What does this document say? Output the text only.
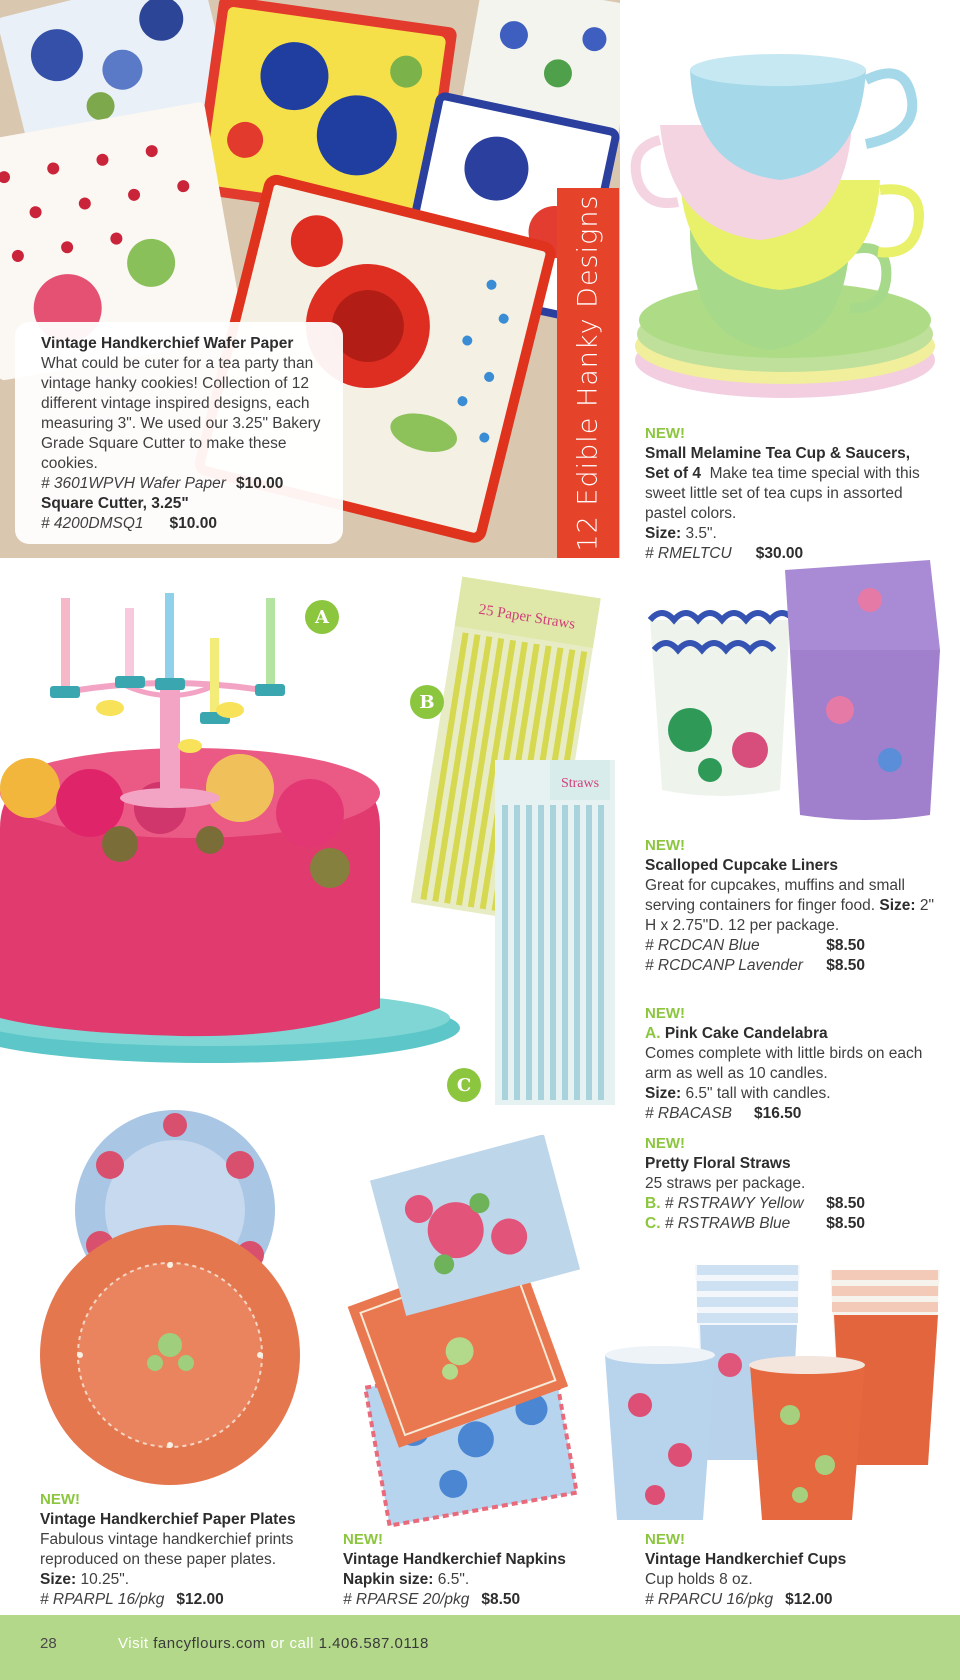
12 Edible Hanky Designs
Vintage Handkerchief Wafer Paper
What could be cuter for a tea party than vintage hanky cookies! Collection of 12 different vintage inspired designs, each measuring 3". We used our 3.25" Bakery Grade Square Cutter to make these cookies.
# 3601WPVH Wafer Paper $10.00
Square Cutter, 3.25"
# 4200DMSQ1 $10.00
NEW!
Small Melamine Tea Cup & Saucers, Set of 4 Make tea time special with this sweet little set of tea cups in assorted pastel colors.
Size: 3.5".
# RMELTCU $30.00
A	25 Paper Straws
B
Straws
C
NEW!
Scalloped Cupcake Liners
Great for cupcakes, muffins and small serving containers for finger food. Size: 2" H x 2.75"D. 12 per package.
# RCDCAN Blue	$8.50
# RCDCANP Lavender $8.50
NEW!
A. Pink Cake Candelabra
Comes complete with little birds on each arm as well as 10 candles.
Size: 6.5" tall with candles.
# RBACASB $16.50
NEW!
Pretty Floral Straws
25 straws per package.
B. # RSTRAWY Yellow $8.50
C. # RSTRAWB Blue $8.50
NEW!
Vintage Handkerchief Paper Plates
Fabulous vintage handkerchief prints reproduced on these paper plates.
Size: 10.25".
# RPARPL 16/pkg $12.00
NEW!
Vintage Handkerchief Napkins
Napkin size: 6.5".
# RPARSE 20/pkg $8.50
NEW!
Vintage Handkerchief Cups
Cup holds 8 oz.
# RPARCU 16/pkg $12.00
28	Visit fancyflours.com or call 1.406.587.0118
